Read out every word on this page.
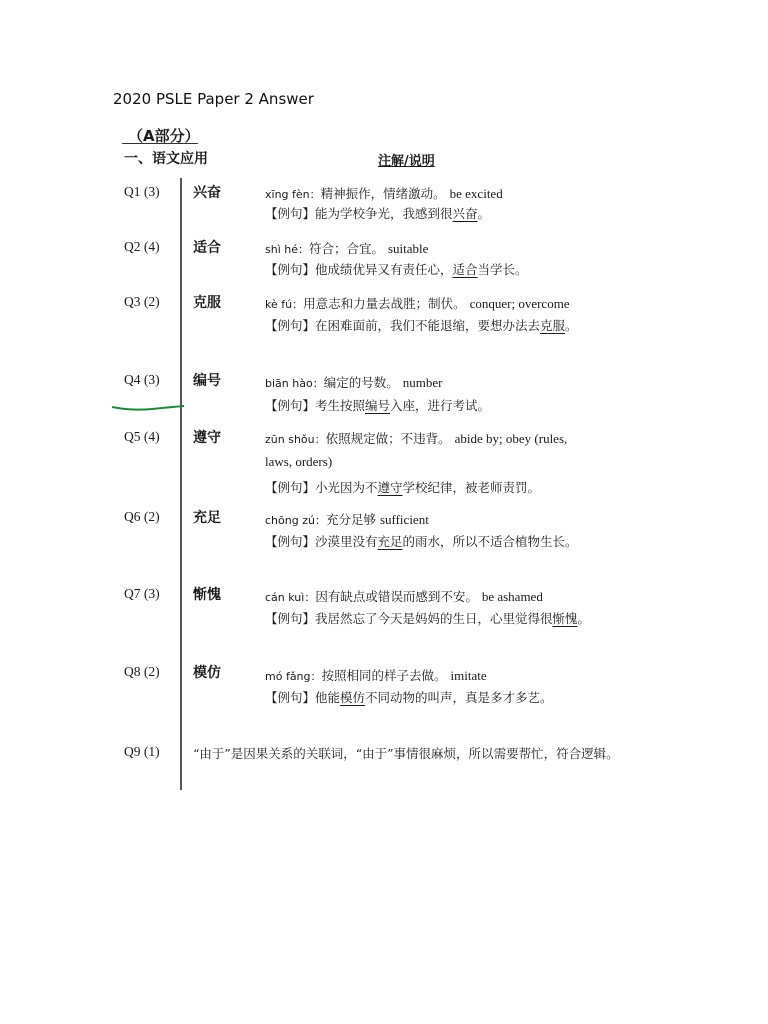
2020 PSLE Paper 2 Answer
（A部分）
一、语文应用	注解/说明
Q1 (3) 兴奋	xīng fèn：精神振作，情绪激动。 be excited
【例句】能为学校争光，我感到很兴奋。
Q2 (4) 适合	shì hé：符合；合宜。 suitable
【例句】他成绩优异又有责任心，适合当学长。
Q3 (2) 克服	kè fú：用意志和力量去战胜；制伏。 conquer; overcome
【例句】在困难面前，我们不能退缩，要想办法去克服。
Q4 (3) 编号	biān hào：编定的号数。 number
【例句】考生按照编号入座，进行考试。
Q5 (4) 遵守	zūn shǒu：依照规定做；不违背。 abide by; obey (rules,
laws, orders)
【例句】小光因为不遵守学校纪律，被老师责罚。
Q6 (2) 充足	chōng zú：充分足够 sufficient
【例句】沙漠里没有充足的雨水，所以不适合植物生长。
Q7 (3) 惭愧	cán kuì：因有缺点或错误而感到不安。 be ashamed
【例句】我居然忘了今天是妈妈的生日，心里觉得很惭愧。
Q8 (2) 模仿	mó fǎng：按照相同的样子去做。 imitate
【例句】他能模仿不同动物的叫声，真是多才多艺。
Q9 (1)	“由于”是因果关系的关联词，“由于”事情很麻烦，所以需要帮忙，符合逻辑。
